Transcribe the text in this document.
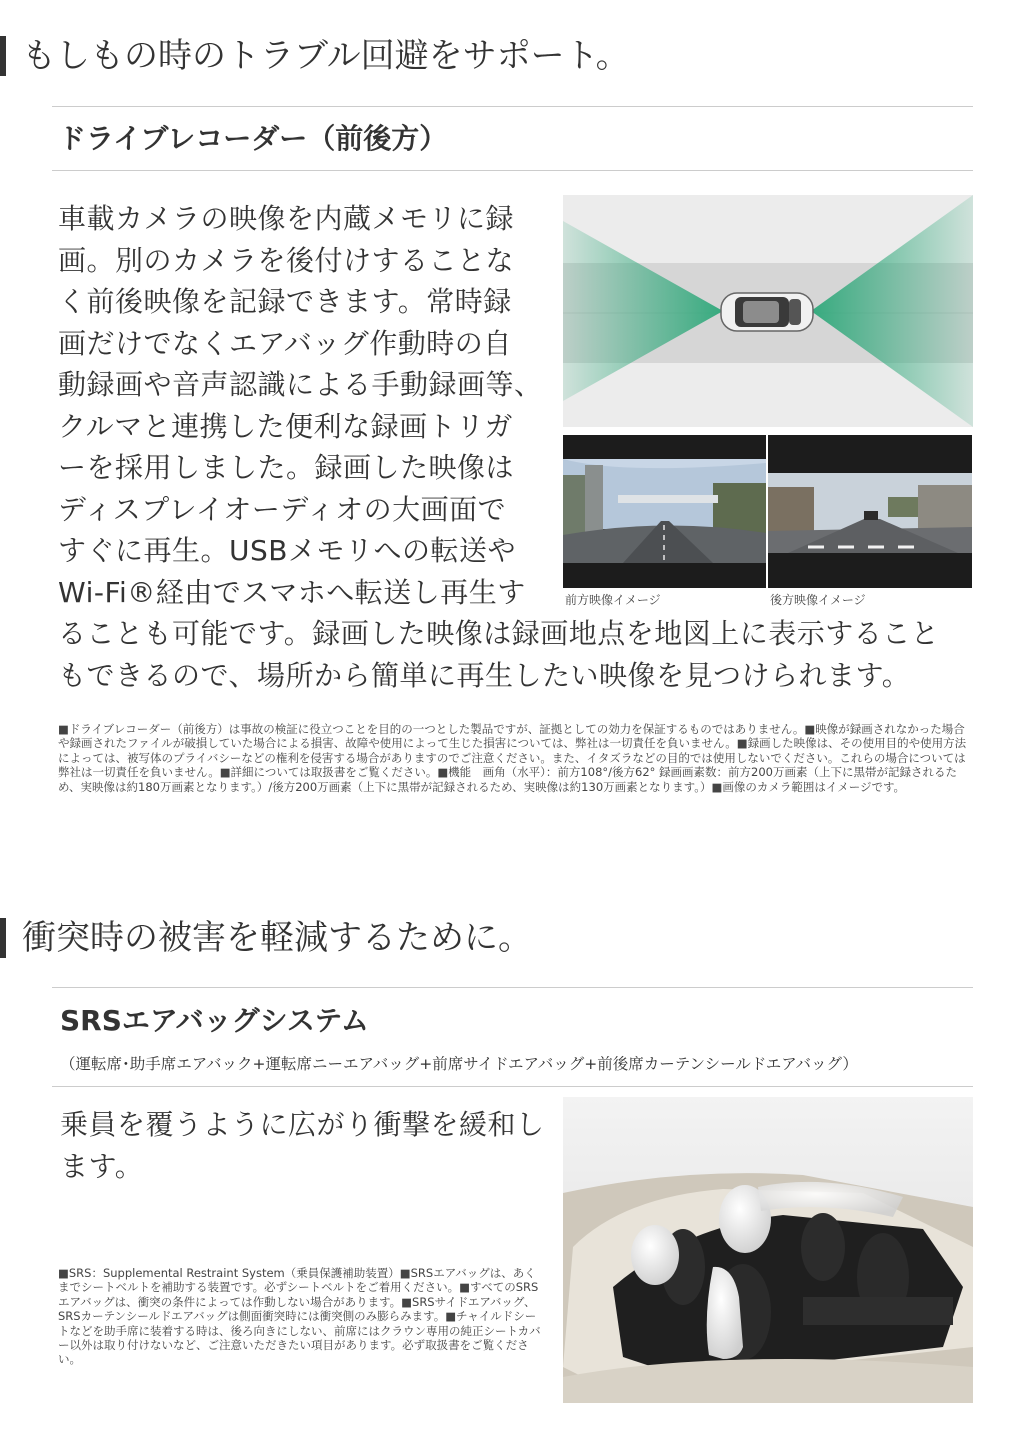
もしもの時のトラブル回避をサポート。
ドライブレコーダー（前後方）
車載カメラの映像を内蔵メモリに録
画。別のカメラを後付けすることな
く前後映像を記録できます。常時録
画だけでなくエアバッグ作動時の自
動録画や音声認識による手動録画等、
クルマと連携した便利な録画トリガ
ーを採用しました。録画した映像は
ディスプレイオーディオの大画面で
すぐに再生。USBメモリへの転送や
Wi-Fi®経由でスマホへ転送し再生す
ることも可能です。録画した映像は録画地点を地図上に表示すること
もできるので、場所から簡単に再生したい映像を見つけられます。
前方映像イメージ	後方映像イメージ

■ドライブレコーダー（前後方）は事故の検証に役立つことを目的の一つとした製品ですが、証拠としての効力を保証するものではありません。■映像が録画されなかった場合や録画されたファイルが破損していた場合による損害、故障や使用によって生じた損害については、弊社は一切責任を負いません。■録画した映像は、その使用目的や使用方法によっては、被写体のプライバシーなどの権利を侵害する場合がありますのでご注意ください。また、イタズラなどの目的では使用しないでください。これらの場合については弊社は一切責任を負いません。■詳細については取扱書をご覧ください。■機能　画角（水平）：前方108°/後方62° 録画画素数：前方200万画素（上下に黒帯が記録されるため、実映像は約180万画素となります。）/後方200万画素（上下に黒帯が記録されるため、実映像は約130万画素となります。）■画像のカメラ範囲はイメージです。

衝突時の被害を軽減するために。
SRSエアバッグシステム
（運転席･助手席エアバック+運転席ニーエアバッグ+前席サイドエアバッグ+前後席カーテンシールドエアバッグ）

乗員を覆うように広がり衝撃を緩和します。

■SRS：Supplemental Restraint System（乗員保護補助装置）■SRSエアバッグは、あくまでシートベルトを補助する装置です。必ずシートベルトをご着用ください。■すべてのSRSエアバッグは、衝突の条件によっては作動しない場合があります。■SRSサイドエアバッグ、SRSカーテンシールドエアバッグは側面衝突時には衝突側のみ膨らみます。■チャイルドシートなどを助手席に装着する時は、後ろ向きにしない、前席にはクラウン専用の純正シートカバー以外は取り付けないなど、ご注意いただきたい項目があります。必ず取扱書をご覧ください。
